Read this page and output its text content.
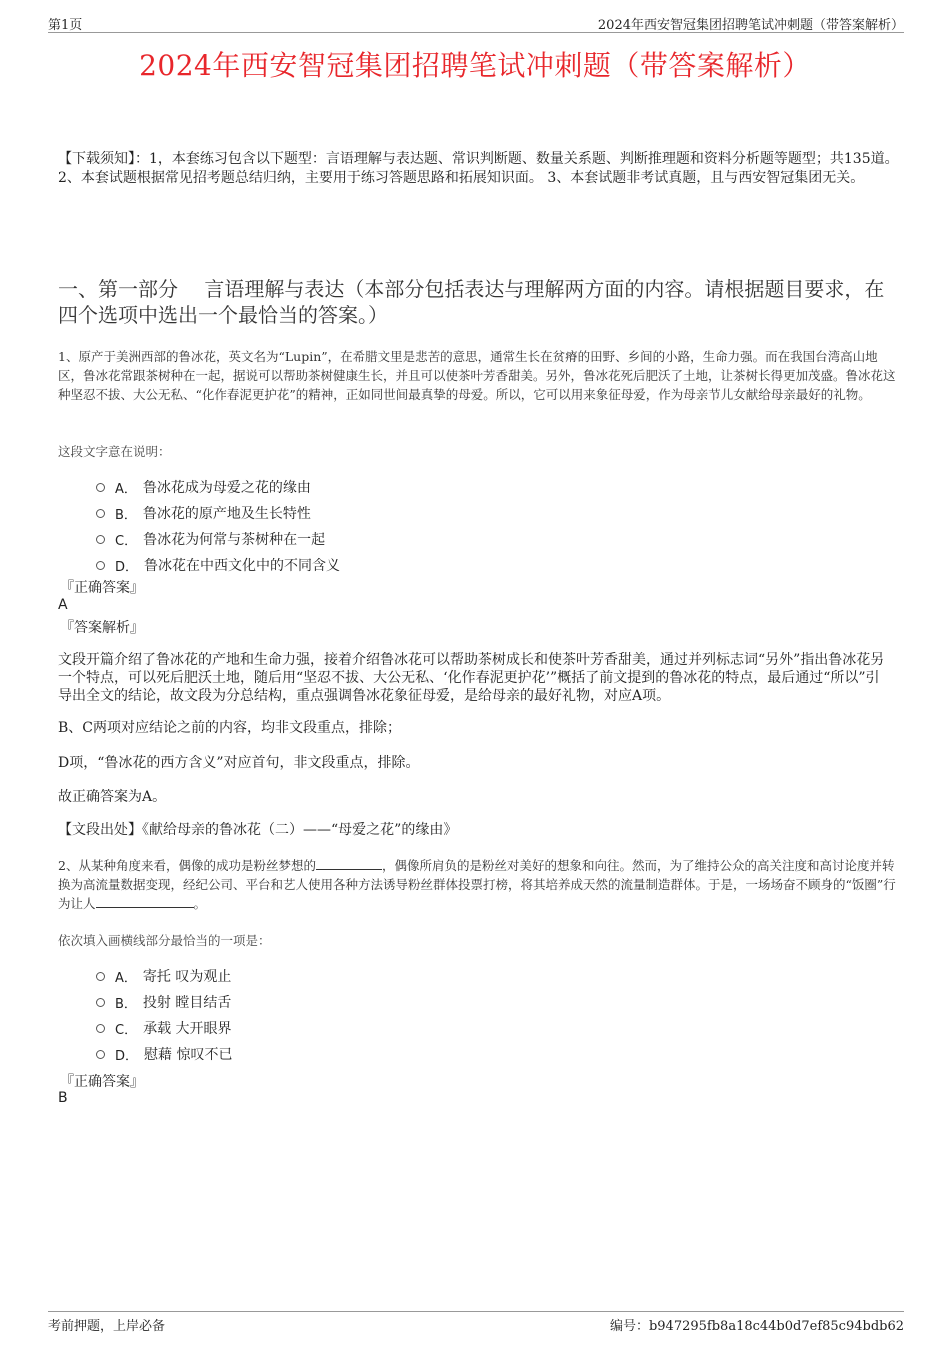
第1页	2024年西安智冠集团招聘笔试冲刺题（带答案解析）
2024年西安智冠集团招聘笔试冲刺题（带答案解析）
【下载须知】：1，本套练习包含以下题型：言语理解与表达题、常识判断题、数量关系题、判断推理题和资料分析题等题型；共135道。 2、本套试题根据常见招考题总结归纳，主要用于练习答题思路和拓展知识面。 3、本套试题非考试真题，且与西安智冠集团无关。
一、第一部分　 言语理解与表达（本部分包括表达与理解两方面的内容。请根据题目要求，在四个选项中选出一个最恰当的答案。）
1、原产于美洲西部的鲁冰花，英文名为“Lupin”，在希腊文里是悲苦的意思，通常生长在贫瘠的田野、乡间的小路，生命力强。而在我国台湾高山地区，鲁冰花常跟茶树种在一起，据说可以帮助茶树健康生长，并且可以使茶叶芳香甜美。另外，鲁冰花死后肥沃了土地，让茶树长得更加茂盛。鲁冰花这种坚忍不拔、大公无私、“化作春泥更护花”的精神，正如同世间最真挚的母爱。所以，它可以用来象征母爱，作为母亲节儿女献给母亲最好的礼物。
这段文字意在说明：
A． 鲁冰花成为母爱之花的缘由
B． 鲁冰花的原产地及生长特性
C． 鲁冰花为何常与茶树种在一起
D． 鲁冰花在中西文化中的不同含义
『正确答案』
A
『答案解析』
文段开篇介绍了鲁冰花的产地和生命力强，接着介绍鲁冰花可以帮助茶树成长和使茶叶芳香甜美，通过并列标志词“另外”指出鲁冰花另一个特点，可以死后肥沃土地，随后用“坚忍不拔、大公无私、‘化作春泥更护花’”概括了前文提到的鲁冰花的特点，最后通过“所以”引导出全文的结论，故文段为分总结构，重点强调鲁冰花象征母爱，是给母亲的最好礼物，对应A项。
B、C两项对应结论之前的内容，均非文段重点，排除；
D项，“鲁冰花的西方含义”对应首句，非文段重点，排除。
故正确答案为A。
【文段出处】《献给母亲的鲁冰花（二）——“母爱之花”的缘由》
2、从某种角度来看，偶像的成功是粉丝梦想的	，偶像所肩负的是粉丝对美好的想象和向往。然而，为了维持公众的高关注度和高讨论度并转换为高流量数据变现，经纪公司、平台和艺人使用各种方法诱导粉丝群体投票打榜，将其培养成天然的流量制造群体。于是，一场场奋不顾身的“饭圈”行为让人	。
依次填入画横线部分最恰当的一项是：
A． 寄托 叹为观止
B． 投射 瞠目结舌
C． 承载 大开眼界
D． 慰藉 惊叹不已
『正确答案』
B
考前押题，上岸必备	编号：b947295fb8a18c44b0d7ef85c94bdb62
